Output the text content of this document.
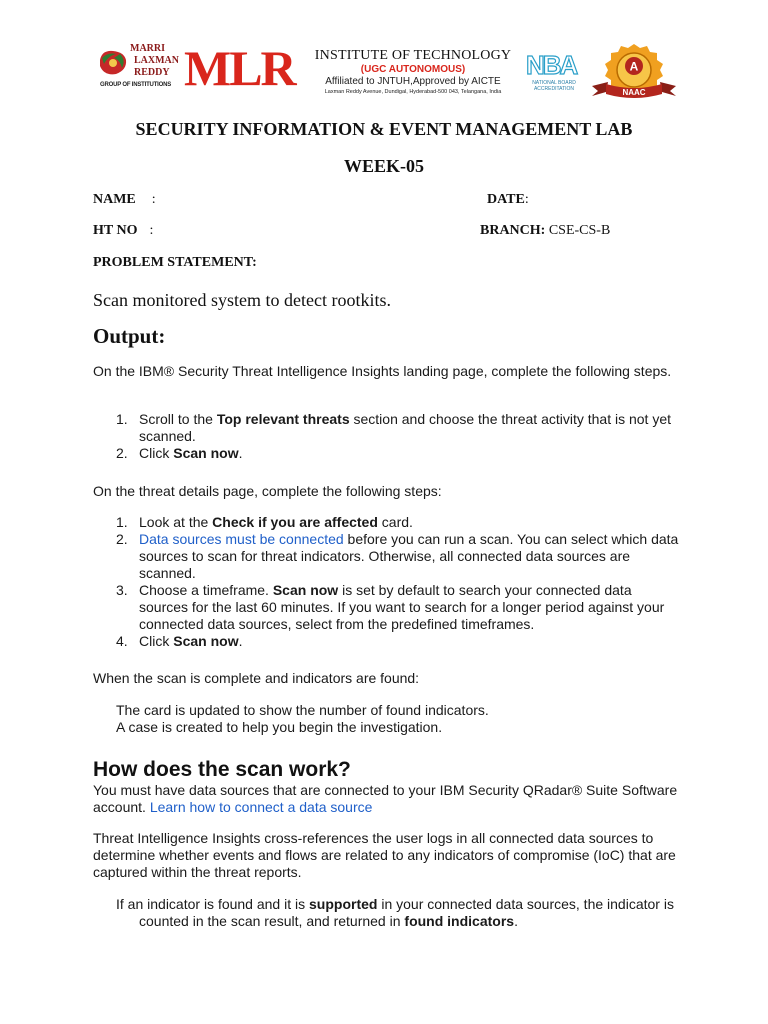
MARRI
LAXMAN
REDDY
GROUP OF INSTITUTIONS MLR	INSTITUTE OF TECHNOLOGY
(UGC AUTONOMOUS)
Affiliated to JNTUH,Approved by AICTE
Laxman Reddy Avenue, Dundigal, Hyderabad-500 043, Telangana, India
NBA
NATIONAL BOARD ACCREDITATION
A
NAAC
SECURITY INFORMATION & EVENT MANAGEMENT LAB
WEEK-05
NAME :	DATE:
HT NO :	BRANCH: CSE-CS-B
PROBLEM STATEMENT:
Scan monitored system to detect rootkits.
Output:
On the IBM® Security Threat Intelligence Insights landing page, complete the following steps.
1. Scroll to the Top relevant threats section and choose the threat activity that is not yet scanned.
2. Click Scan now.
On the threat details page, complete the following steps:
1. Look at the Check if you are affected card.
2. Data sources must be connected before you can run a scan. You can select which data sources to scan for threat indicators. Otherwise, all connected data sources are scanned.
3. Choose a timeframe. Scan now is set by default to search your connected data sources for the last 60 minutes. If you want to search for a longer period against your connected data sources, select from the predefined timeframes.
4. Click Scan now.
When the scan is complete and indicators are found:
The card is updated to show the number of found indicators.
A case is created to help you begin the investigation.
How does the scan work?
You must have data sources that are connected to your IBM Security QRadar® Suite Software account. Learn how to connect a data source
Threat Intelligence Insights cross-references the user logs in all connected data sources to determine whether events and flows are related to any indicators of compromise (IoC) that are captured within the threat reports.
If an indicator is found and it is supported in your connected data sources, the indicator is counted in the scan result, and returned in found indicators.
